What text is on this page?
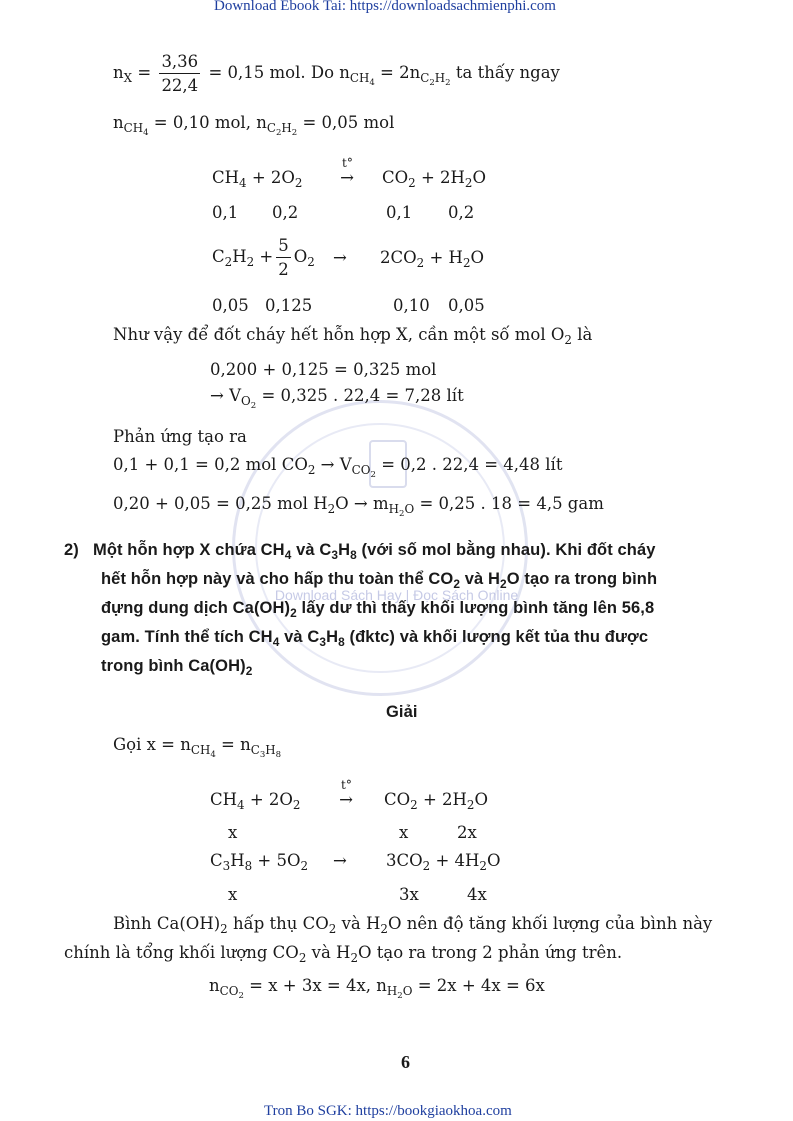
Download Sách Hay | Đọc Sách Online
Download Ebook Tai: https://downloadsachmienphi.com
$n_X = \frac{3,36}{22,4} = 0,15$ mol. Do $n_{CH_4} = 2n_{C_2H_2}$ ta thấy ngay
$n_{CH_4} = 0,10$ mol, $n_{C_2H_2} = 0,05$ mol
$CH_4 + 2O_2$
t°
→	$CO_2 + 2H_2O$
0,1 0,2	0,1 0,2
$C_2H_2 + \frac{5}{2} O_2 \to 2CO_2 + H_2O$
0,05 0,125	0,10 0,05
Như vậy để đốt cháy hết hỗn hợp X, cần một số mol $O_2$ là
0,200 + 0,125 = 0,325 mol
→ $V_{O_2} = 0,325$ . 22,4 = 7,28 lít
Phản ứng tạo ra
0,1 + 0,1 = 0,2 mol $CO_2 \to V_{CO_2} = 0,2$ . 22,4 = 4,48 lít
0,20 + 0,05 = 0,25 mol $H_2O \to m_{H_2O} = 0,25$ . 18 = 4,5 gam
2) Một hỗn hợp X chứa $CH_4$ và $C_3H_8$ (với số mol bằng nhau). Khi đốt cháy
hết hỗn hợp này và cho hấp thu toàn thể $CO_2$ và $H_2O$ tạo ra trong bình
đựng dung dịch $Ca(OH)_2$ lấy dư thì thấy khối lượng bình tăng lên 56,8
gam. Tính thể tích $CH_4$ và $C_3H_8$ (đktc) và khối lượng kết tủa thu được
trong bình $Ca(OH)_2$
Giải
Gọi $x = n_{CH_4} = n_{C_3H_8}$
$CH_4 + 2O_2$
t°
→	$CO_2 + 2H_2O$
x	x	2x
$C_3H_8 + 5O_2 \to 3CO_2 + 4H_2O$
x	3x	4x
Bình $Ca(OH)_2$ hấp thụ $CO_2$ và $H_2O$ nên độ tăng khối lượng của bình này
chính là tổng khối lượng $CO_2$ và $H_2O$ tạo ra trong 2 phản ứng trên.
$n_{CO_2} = x + 3x = 4x$, $n_{H_2O} = 2x + 4x = 6x$
6
Tron Bo SGK: https://bookgiaokhoa.com
